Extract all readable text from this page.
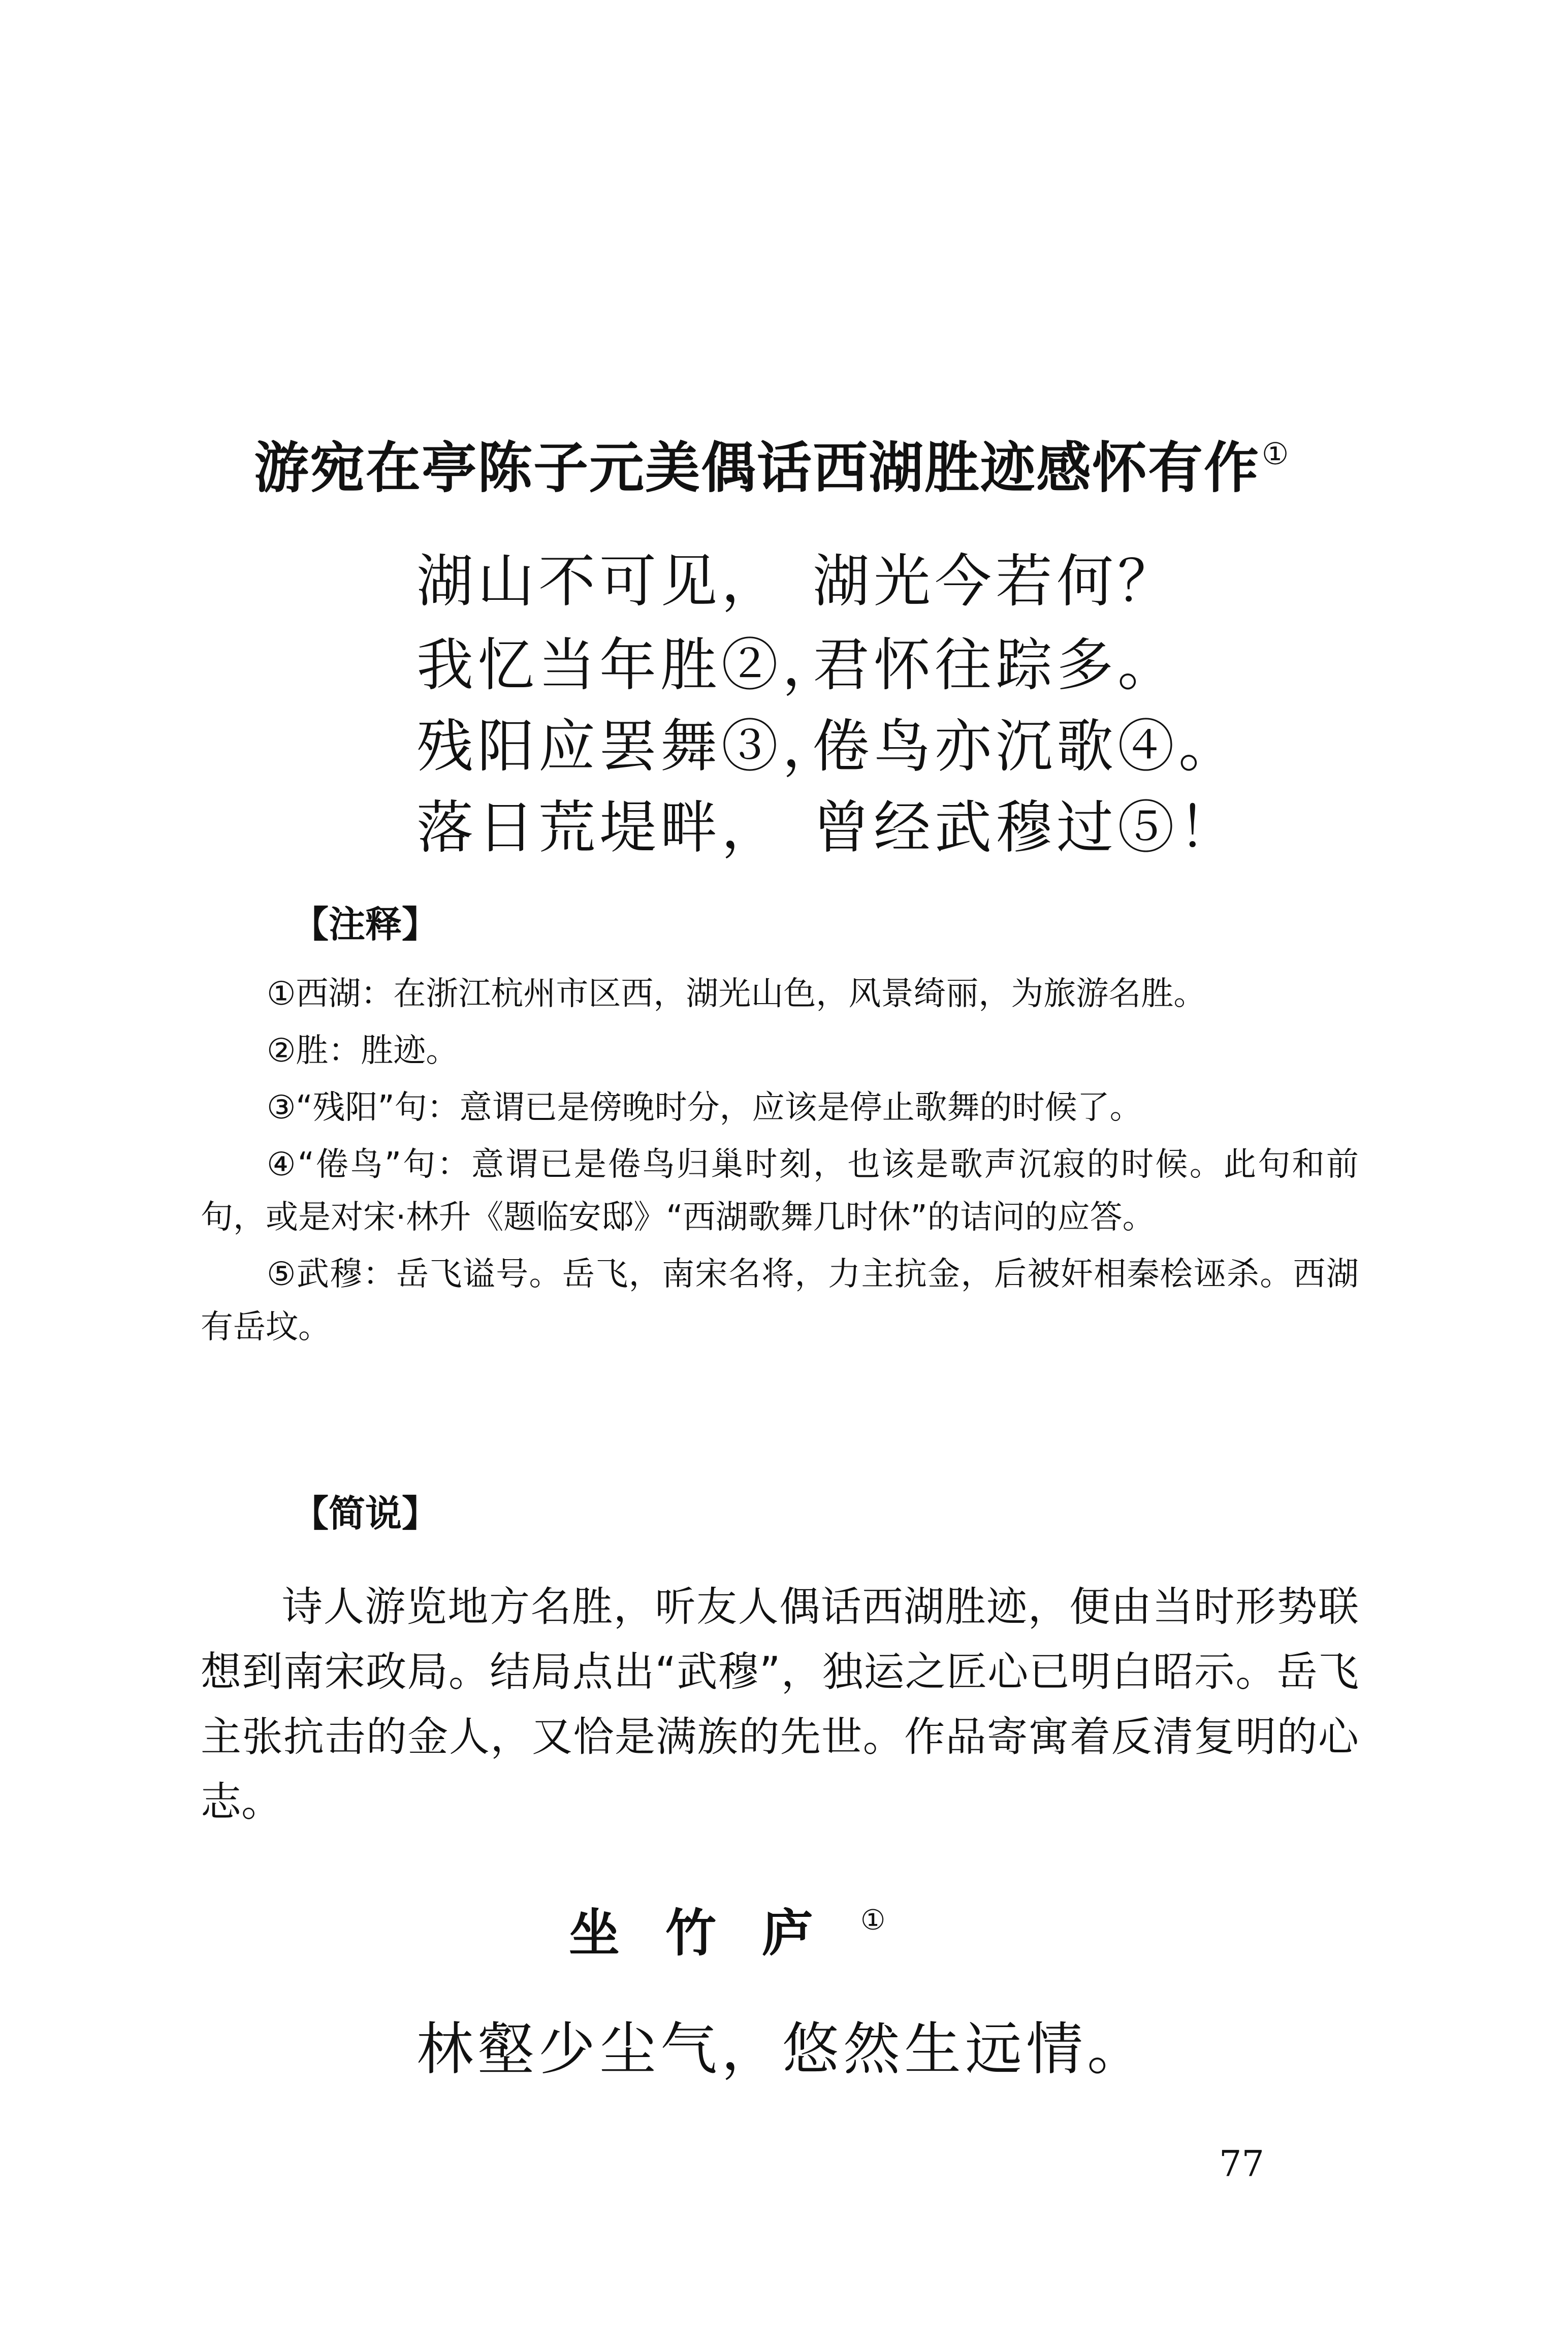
游宛在亭陈子元美偶话西湖胜迹感怀有作①
湖山不可见， 湖光今若何？
我忆当年胜②，君怀往踪多。
残阳应罢舞③，倦鸟亦沉歌④。
落日荒堤畔， 曾经武穆过⑤！
【注释】

①西湖：在浙江杭州市区西，湖光山色，风景绮丽，为旅游名胜。

②胜：胜迹。

③“残阳”句：意谓已是傍晚时分，应该是停止歌舞的时候了。

④“倦鸟”句：意谓已是倦鸟归巢时刻，也该是歌声沉寂的时候。此句和前句，或是对宋·林升《题临安邸》“西湖歌舞几时休”的诘问的应答。

⑤武穆：岳飞谥号。岳飞，南宋名将，力主抗金，后被奸相秦桧诬杀。西湖有岳坟。

【简说】

诗人游览地方名胜，听友人偶话西湖胜迹，便由当时形势联想到南宋政局。结局点出“武穆”，独运之匠心已明白昭示。岳飞主张抗击的金人，又恰是满族的先世。作品寄寓着反清复明的心志。

坐竹庐①
林壑少尘气，悠然生远情。
77
